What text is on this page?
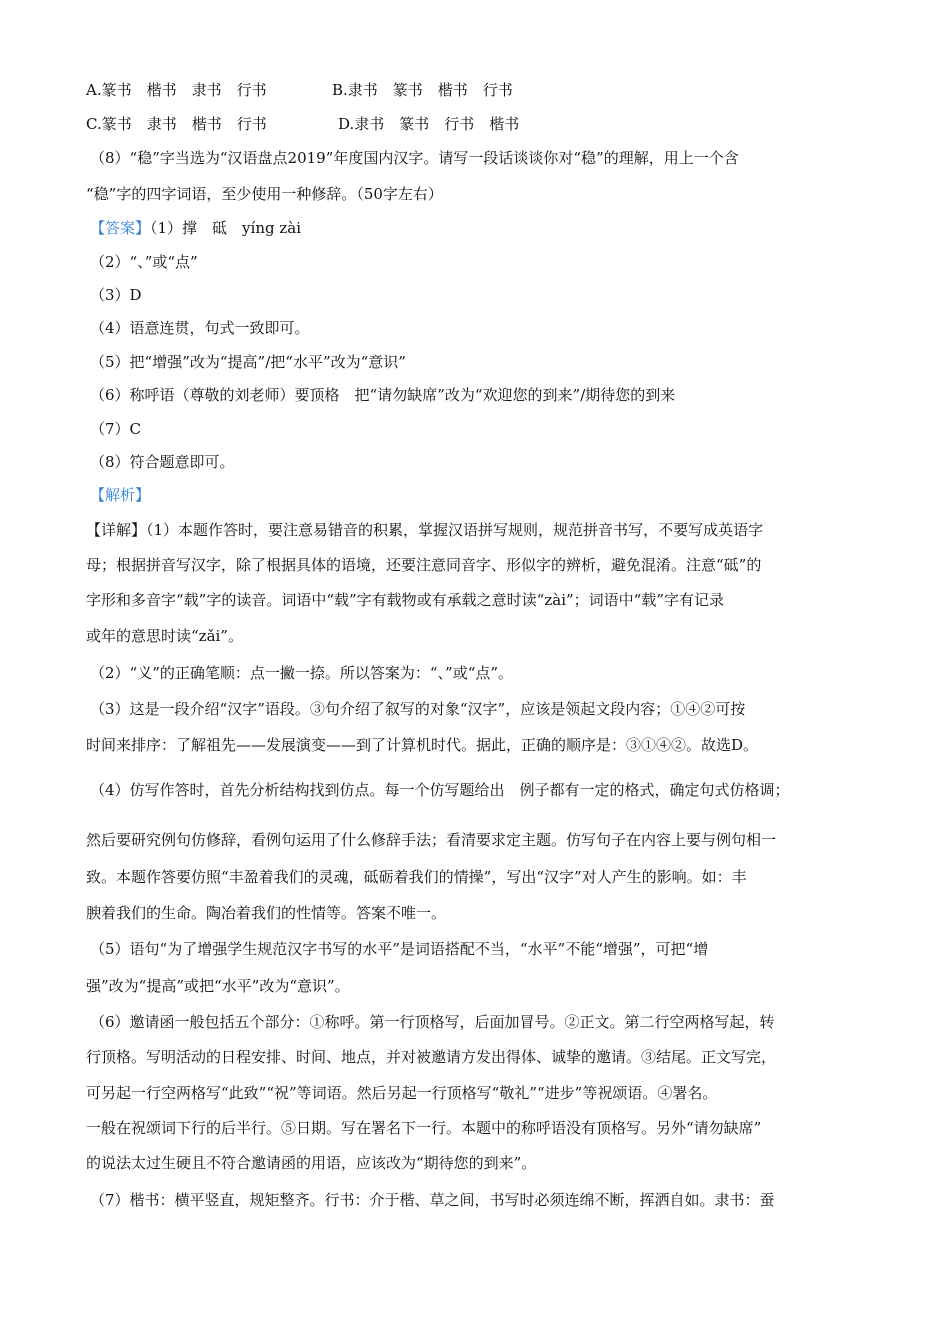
A.篆书　楷书　隶书　行书	B.隶书　篆书　楷书　行书
C.篆书　隶书　楷书　行书	D.隶书　篆书　行书　楷书
（8）“稳”字当选为“汉语盘点2019”年度国内汉字。请写一段话谈谈你对“稳”的理解，用上一个含
“稳”字的四字词语，至少使用一种修辞。（50字左右）
【答案】（1）撑　砥　yíng zài
（2）“、”或“点”
（3）D
（4）语意连贯，句式一致即可。
（5）把“增强”改为“提高”/把“水平”改为“意识”
（6）称呼语（尊敬的刘老师）要顶格　把“请勿缺席”改为“欢迎您的到来”/期待您的到来
（7）C
（8）符合题意即可。
【解析】
【详解】（1）本题作答时，要注意易错音的积累，掌握汉语拼写规则，规范拼音书写，不要写成英语字
母；根据拼音写汉字，除了根据具体的语境，还要注意同音字、形似字的辨析，避免混淆。注意“砥”的
字形和多音字“载”字的读音。词语中“载”字有载物或有承载之意时读“zài”；词语中“载”字有记录
或年的意思时读“zǎi”。
（2）“义”的正确笔顺：点一撇一捺。所以答案为：“、”或“点”。
（3）这是一段介绍“汉字”语段。③句介绍了叙写的对象“汉字”，应该是领起文段内容；①④②可按
时间来排序：了解祖先——发展演变——到了计算机时代。据此，正确的顺序是：③①④②。故选D。
（4）仿写作答时，首先分析结构找到仿点。每一个仿写题给出　例子都有一定的格式，确定句式仿格调；
然后要研究例句仿修辞，看例句运用了什么修辞手法；看清要求定主题。仿写句子在内容上要与例句相一
致。本题作答要仿照“丰盈着我们的灵魂，砥砺着我们的情操”，写出“汉字”对人产生的影响。如：丰
腴着我们的生命。陶冶着我们的性情等。答案不唯一。
（5）语句“为了增强学生规范汉字书写的水平”是词语搭配不当，“水平”不能“增强”，可把“增
强”改为“提高”或把“水平”改为“意识”。
（6）邀请函一般包括五个部分：①称呼。第一行顶格写，后面加冒号。②正文。第二行空两格写起，转
行顶格。写明活动的日程安排、时间、地点，并对被邀请方发出得体、诚挚的邀请。③结尾。正文写完，
可另起一行空两格写“此致”“祝”等词语。然后另起一行顶格写“敬礼”“进步”等祝颂语。④署名。
一般在祝颂词下行的后半行。⑤日期。写在署名下一行。本题中的称呼语没有顶格写。另外“请勿缺席”
的说法太过生硬且不符合邀请函的用语，应该改为“期待您的到来”。
（7）楷书：横平竖直，规矩整齐。行书：介于楷、草之间，书写时必须连绵不断，挥洒自如。隶书：蚕
